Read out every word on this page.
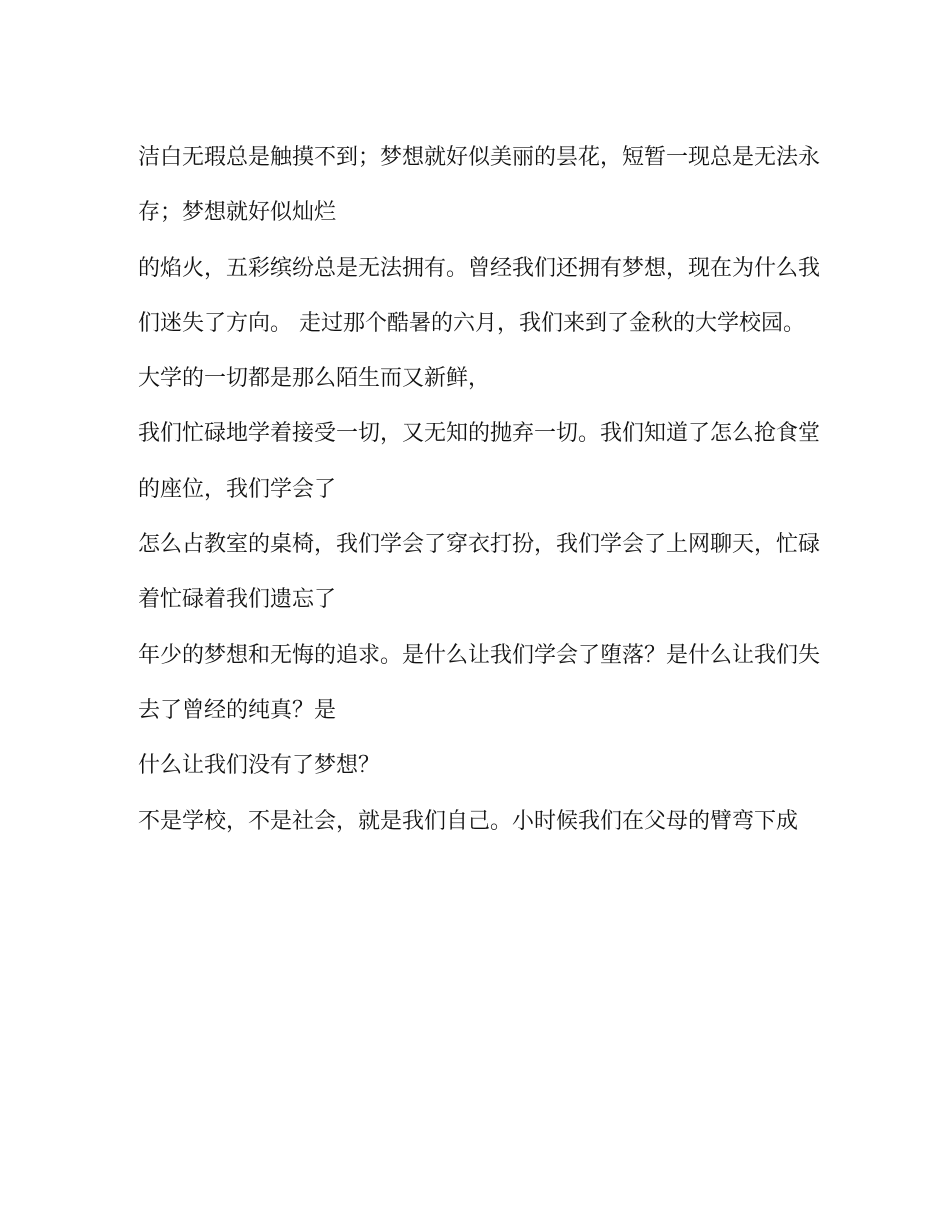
洁白无瑕总是触摸不到；梦想就好似美丽的昙花，短暂一现总是无法永
存；梦想就好似灿烂
的焰火，五彩缤纷总是无法拥有。曾经我们还拥有梦想，现在为什么我
们迷失了方向。 走过那个酷暑的六月，我们来到了金秋的大学校园。
大学的一切都是那么陌生而又新鲜，
我们忙碌地学着接受一切，又无知的抛弃一切。我们知道了怎么抢食堂
的座位，我们学会了
怎么占教室的桌椅，我们学会了穿衣打扮，我们学会了上网聊天，忙碌
着忙碌着我们遗忘了
年少的梦想和无悔的追求。是什么让我们学会了堕落？是什么让我们失
去了曾经的纯真？是
什么让我们没有了梦想？
不是学校，不是社会，就是我们自己。小时候我们在父母的臂弯下成
